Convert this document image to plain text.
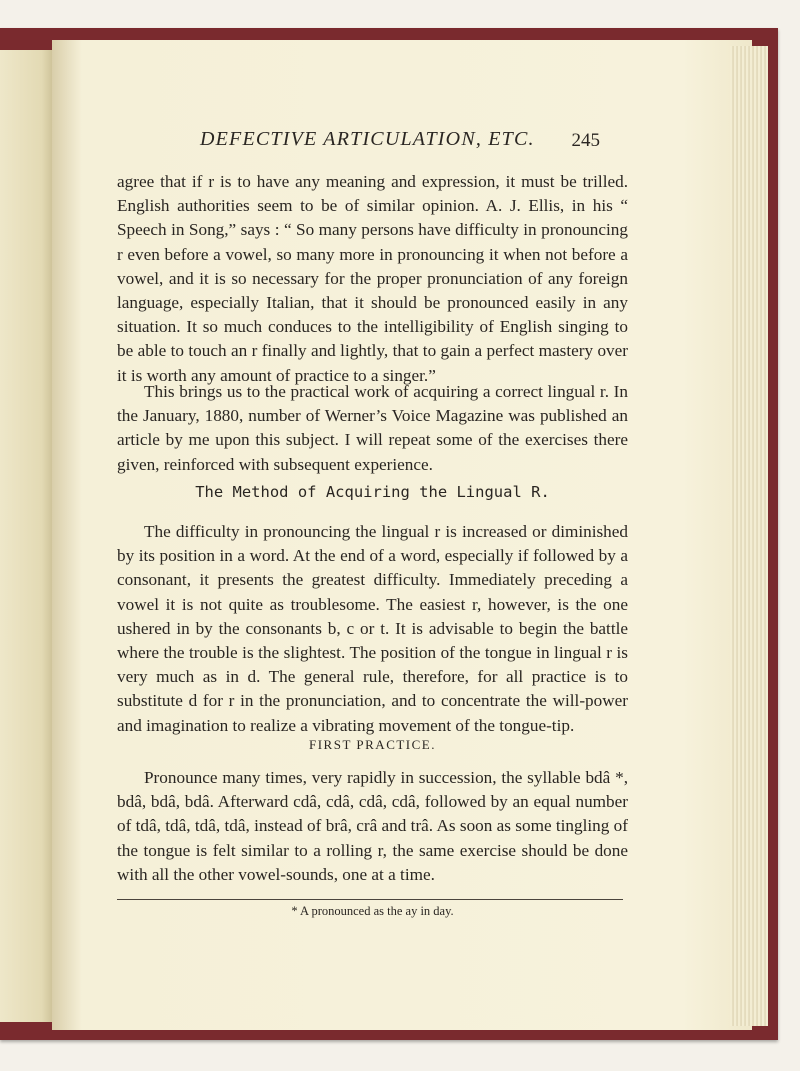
DEFECTIVE ARTICULATION, ETC. 245

agree that if r is to have any meaning and expression, it must be trilled. English authorities seem to be of similar opinion. A. J. Ellis, in his “ Speech in Song,” says : “ So many persons have difficulty in pronouncing r even before a vowel, so many more in pronouncing it when not before a vowel, and it is so necessary for the proper pronunciation of any foreign language, especially Italian, that it should be pronounced easily in any situation. It so much conduces to the intelligibility of English singing to be able to touch an r finally and lightly, that to gain a perfect mastery over it is worth any amount of practice to a singer.”

This brings us to the practical work of acquiring a correct lingual r. In the January, 1880, number of Werner’s Voice Magazine was published an article by me upon this subject. I will repeat some of the exercises there given, reinforced with subsequent experience.

The Method of Acquiring the Lingual R.

The difficulty in pronouncing the lingual r is increased or diminished by its position in a word. At the end of a word, especially if followed by a consonant, it presents the greatest difficulty. Immediately preceding a vowel it is not quite as troublesome. The easiest r, however, is the one ushered in by the consonants b, c or t. It is advisable to begin the battle where the trouble is the slightest. The position of the tongue in lingual r is very much as in d. The general rule, therefore, for all practice is to substitute d for r in the pronunciation, and to concentrate the will-power and imagination to realize a vibrating movement of the tongue-tip.

FIRST PRACTICE.

Pronounce many times, very rapidly in succession, the syllable bdâ *, bdâ, bdâ, bdâ. Afterward cdâ, cdâ, cdâ, cdâ, followed by an equal number of tdâ, tdâ, tdâ, tdâ, instead of brâ, crâ and trâ. As soon as some tingling of the tongue is felt similar to a rolling r, the same exercise should be done with all the other vowel-sounds, one at a time.

* A pronounced as the ay in day.
